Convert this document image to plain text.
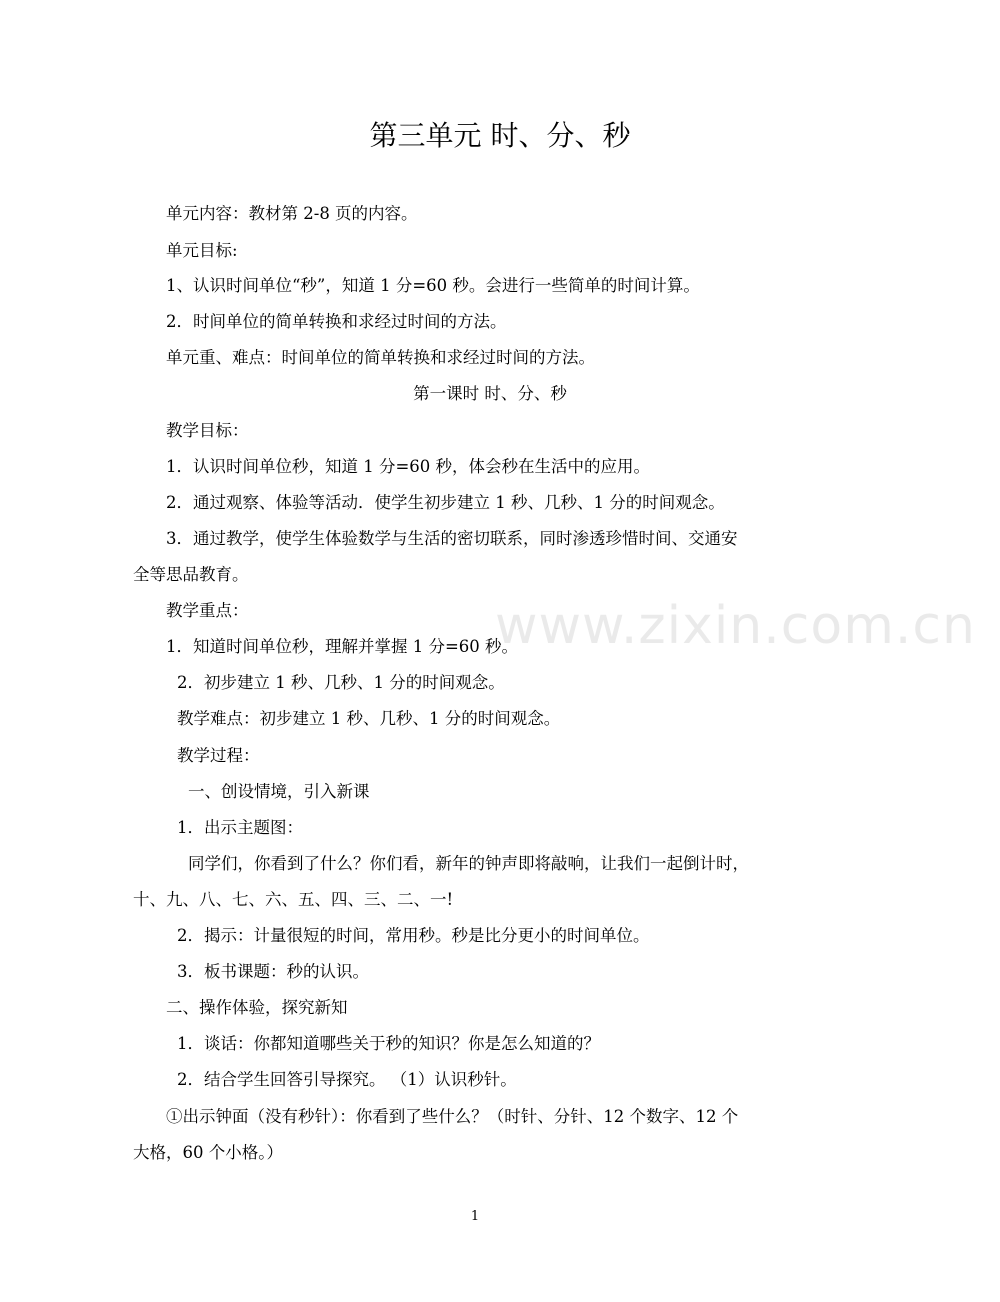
www.zixin.com.cn
第三单元 时、分、秒
单元内容：教材第 2-8 页的内容。
单元目标:
1、认识时间单位“秒”，知道 1 分=60 秒。会进行一些简单的时间计算。
2．时间单位的简单转换和求经过时间的方法。
单元重、难点：时间单位的简单转换和求经过时间的方法。
第一课时 时、分、秒
教学目标：
1．认识时间单位秒，知道 1 分=60 秒，体会秒在生活中的应用。
2．通过观察、体验等活动．使学生初步建立 1 秒、几秒、1 分的时间观念。
3．通过教学，使学生体验数学与生活的密切联系，同时渗透珍惜时间、交通安
全等思品教育。
教学重点：
1．知道时间单位秒，理解并掌握 1 分=60 秒。
2．初步建立 1 秒、几秒、1 分的时间观念。
教学难点：初步建立 1 秒、几秒、1 分的时间观念。
教学过程：
一、创设情境，引入新课
1．出示主题图：
同学们，你看到了什么？你们看，新年的钟声即将敲响，让我们一起倒计时，
十、九、八、七、六、五、四、三、二、一!
2．揭示：计量很短的时间，常用秒。秒是比分更小的时间单位。
3．板书课题：秒的认识。
二、操作体验，探究新知
1．谈话：你都知道哪些关于秒的知识？你是怎么知道的？
2．结合学生回答引导探究。 （1）认识秒针。
①出示钟面（没有秒针）：你看到了些什么？（时针、分针、12 个数字、12 个
大格，60 个小格。）
1
